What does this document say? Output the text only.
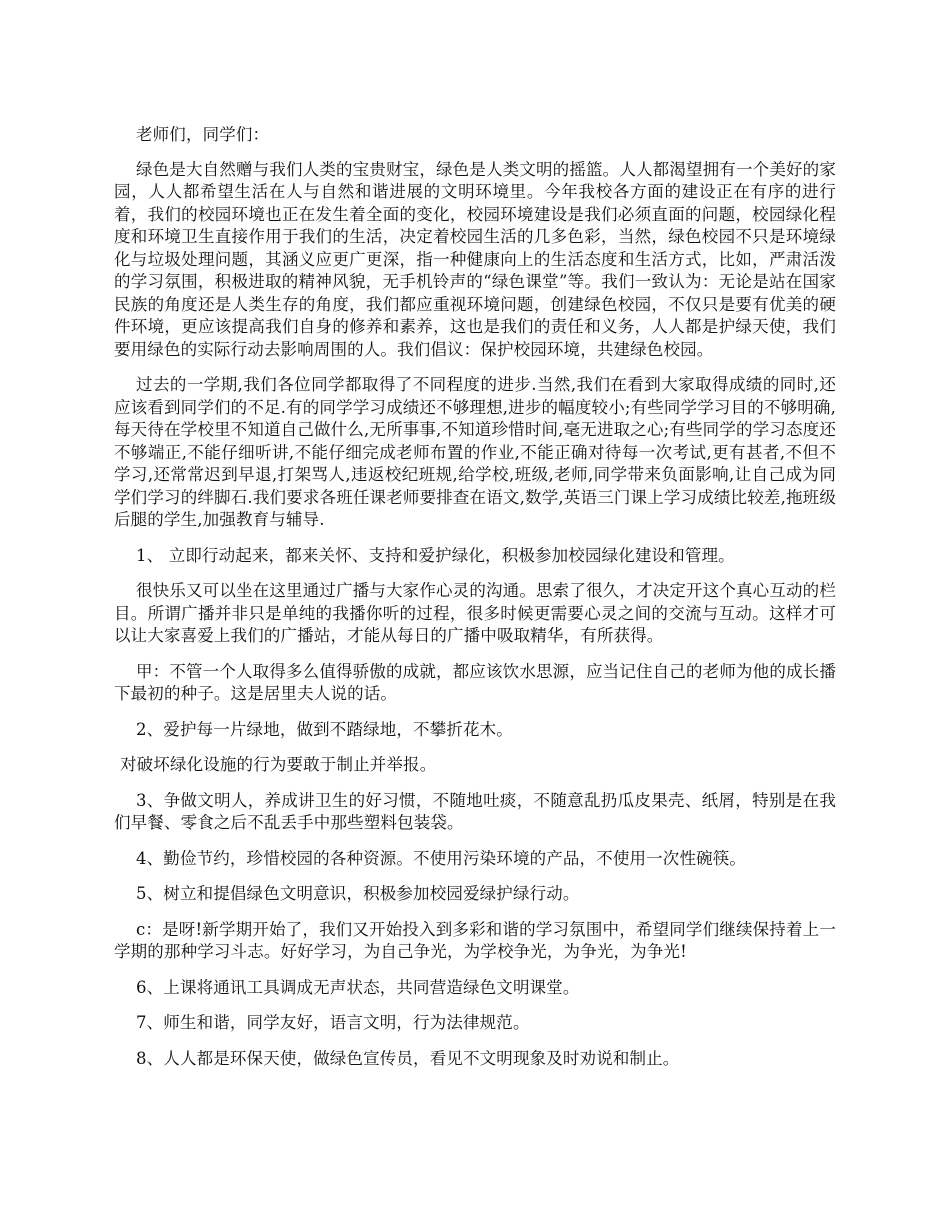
老师们，同学们：

绿色是大自然赠与我们人类的宝贵财宝，绿色是人类文明的摇篮。人人都渴望拥有一个美好的家园，人人都希望生活在人与自然和谐进展的文明环境里。今年我校各方面的建设正在有序的进行着，我们的校园环境也正在发生着全面的变化，校园环境建设是我们必须直面的问题，校园绿化程度和环境卫生直接作用于我们的生活，决定着校园生活的几多色彩，当然，绿色校园不只是环境绿化与垃圾处理问题，其涵义应更广更深，指一种健康向上的生活态度和生活方式，比如，严肃活泼的学习氛围，积极进取的精神风貌，无手机铃声的“绿色课堂”等。我们一致认为：无论是站在国家民族的角度还是人类生存的角度，我们都应重视环境问题，创建绿色校园，不仅只是要有优美的硬件环境，更应该提高我们自身的修养和素养，这也是我们的责任和义务，人人都是护绿天使，我们要用绿色的实际行动去影响周围的人。我们倡议：保护校园环境，共建绿色校园。

过去的一学期,我们各位同学都取得了不同程度的进步.当然,我们在看到大家取得成绩的同时,还应该看到同学们的不足.有的同学学习成绩还不够理想,进步的幅度较小;有些同学学习目的不够明确,每天待在学校里不知道自己做什么,无所事事,不知道珍惜时间,毫无进取之心;有些同学的学习态度还不够端正,不能仔细听讲,不能仔细完成老师布置的作业,不能正确对待每一次考试,更有甚者,不但不学习,还常常迟到早退,打架骂人,违返校纪班规,给学校,班级,老师,同学带来负面影响,让自己成为同学们学习的绊脚石.我们要求各班任课老师要排查在语文,数学,英语三门课上学习成绩比较差,拖班级后腿的学生,加强教育与辅导.

1、 立即行动起来，都来关怀、支持和爱护绿化，积极参加校园绿化建设和管理。

很快乐又可以坐在这里通过广播与大家作心灵的沟通。思索了很久，才决定开这个真心互动的栏目。所谓广播并非只是单纯的我播你听的过程，很多时候更需要心灵之间的交流与互动。这样才可以让大家喜爱上我们的广播站，才能从每日的广播中吸取精华，有所获得。

甲：不管一个人取得多么值得骄傲的成就，都应该饮水思源，应当记住自己的老师为他的成长播下最初的种子。这是居里夫人说的话。

2、爱护每一片绿地，做到不踏绿地，不攀折花木。

对破坏绿化设施的行为要敢于制止并举报。

3、争做文明人，养成讲卫生的好习惯，不随地吐痰，不随意乱扔瓜皮果壳、纸屑，特别是在我们早餐、零食之后不乱丢手中那些塑料包装袋。

4、勤俭节约，珍惜校园的各种资源。不使用污染环境的产品，不使用一次性碗筷。

5、树立和提倡绿色文明意识，积极参加校园爱绿护绿行动。

c：是呀!新学期开始了，我们又开始投入到多彩和谐的学习氛围中，希望同学们继续保持着上一学期的那种学习斗志。好好学习，为自己争光，为学校争光，为争光，为争光!

6、上课将通讯工具调成无声状态，共同营造绿色文明课堂。

7、师生和谐，同学友好，语言文明，行为法律规范。

8、人人都是环保天使，做绿色宣传员，看见不文明现象及时劝说和制止。
